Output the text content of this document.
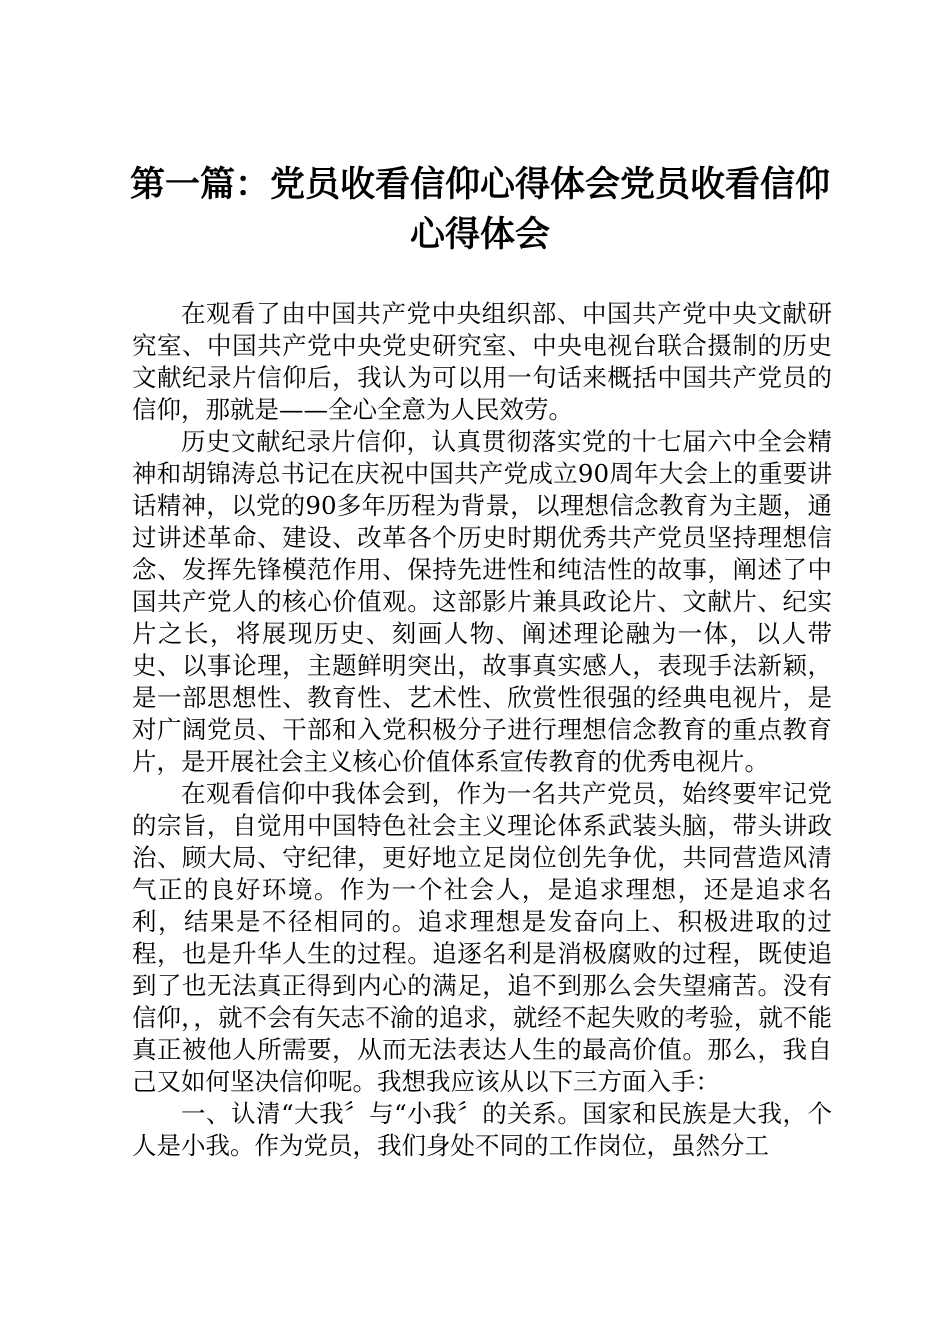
第一篇：党员收看信仰心得体会党员收看信仰
心得体会

在观看了由中国共产党中央组织部、中国共产党中央文献研究室、中国共产党中央党史研究室、中央电视台联合摄制的历史文献纪录片信仰后，我认为可以用一句话来概括中国共产党员的信仰，那就是——全心全意为人民效劳。

历史文献纪录片信仰，认真贯彻落实党的十七届六中全会精神和胡锦涛总书记在庆祝中国共产党成立90周年大会上的重要讲话精神，以党的90多年历程为背景，以理想信念教育为主题，通过讲述革命、建设、改革各个历史时期优秀共产党员坚持理想信念、发挥先锋模范作用、保持先进性和纯洁性的故事，阐述了中国共产党人的核心价值观。这部影片兼具政论片、文献片、纪实片之长，将展现历史、刻画人物、阐述理论融为一体，以人带史、以事论理，主题鲜明突出，故事真实感人，表现手法新颖，是一部思想性、教育性、艺术性、欣赏性很强的经典电视片，是对广阔党员、干部和入党积极分子进行理想信念教育的重点教育片，是开展社会主义核心价值体系宣传教育的优秀电视片。

在观看信仰中我体会到，作为一名共产党员，始终要牢记党的宗旨，自觉用中国特色社会主义理论体系武装头脑，带头讲政治、顾大局、守纪律，更好地立足岗位创先争优，共同营造风清气正的良好环境。作为一个社会人，是追求理想，还是追求名利，结果是不径相同的。追求理想是发奋向上、积极进取的过程，也是升华人生的过程。追逐名利是消极腐败的过程，既使追到了也无法真正得到内心的满足，追不到那么会失望痛苦。没有信仰，，就不会有矢志不渝的追求，就经不起失败的考验，就不能真正被他人所需要，从而无法表达人生的最高价值。那么，我自己又如何坚决信仰呢。我想我应该从以下三方面入手：

一、认清“大我〞与“小我〞的关系。国家和民族是大我，个人是小我。作为党员，我们身处不同的工作岗位，虽然分工
